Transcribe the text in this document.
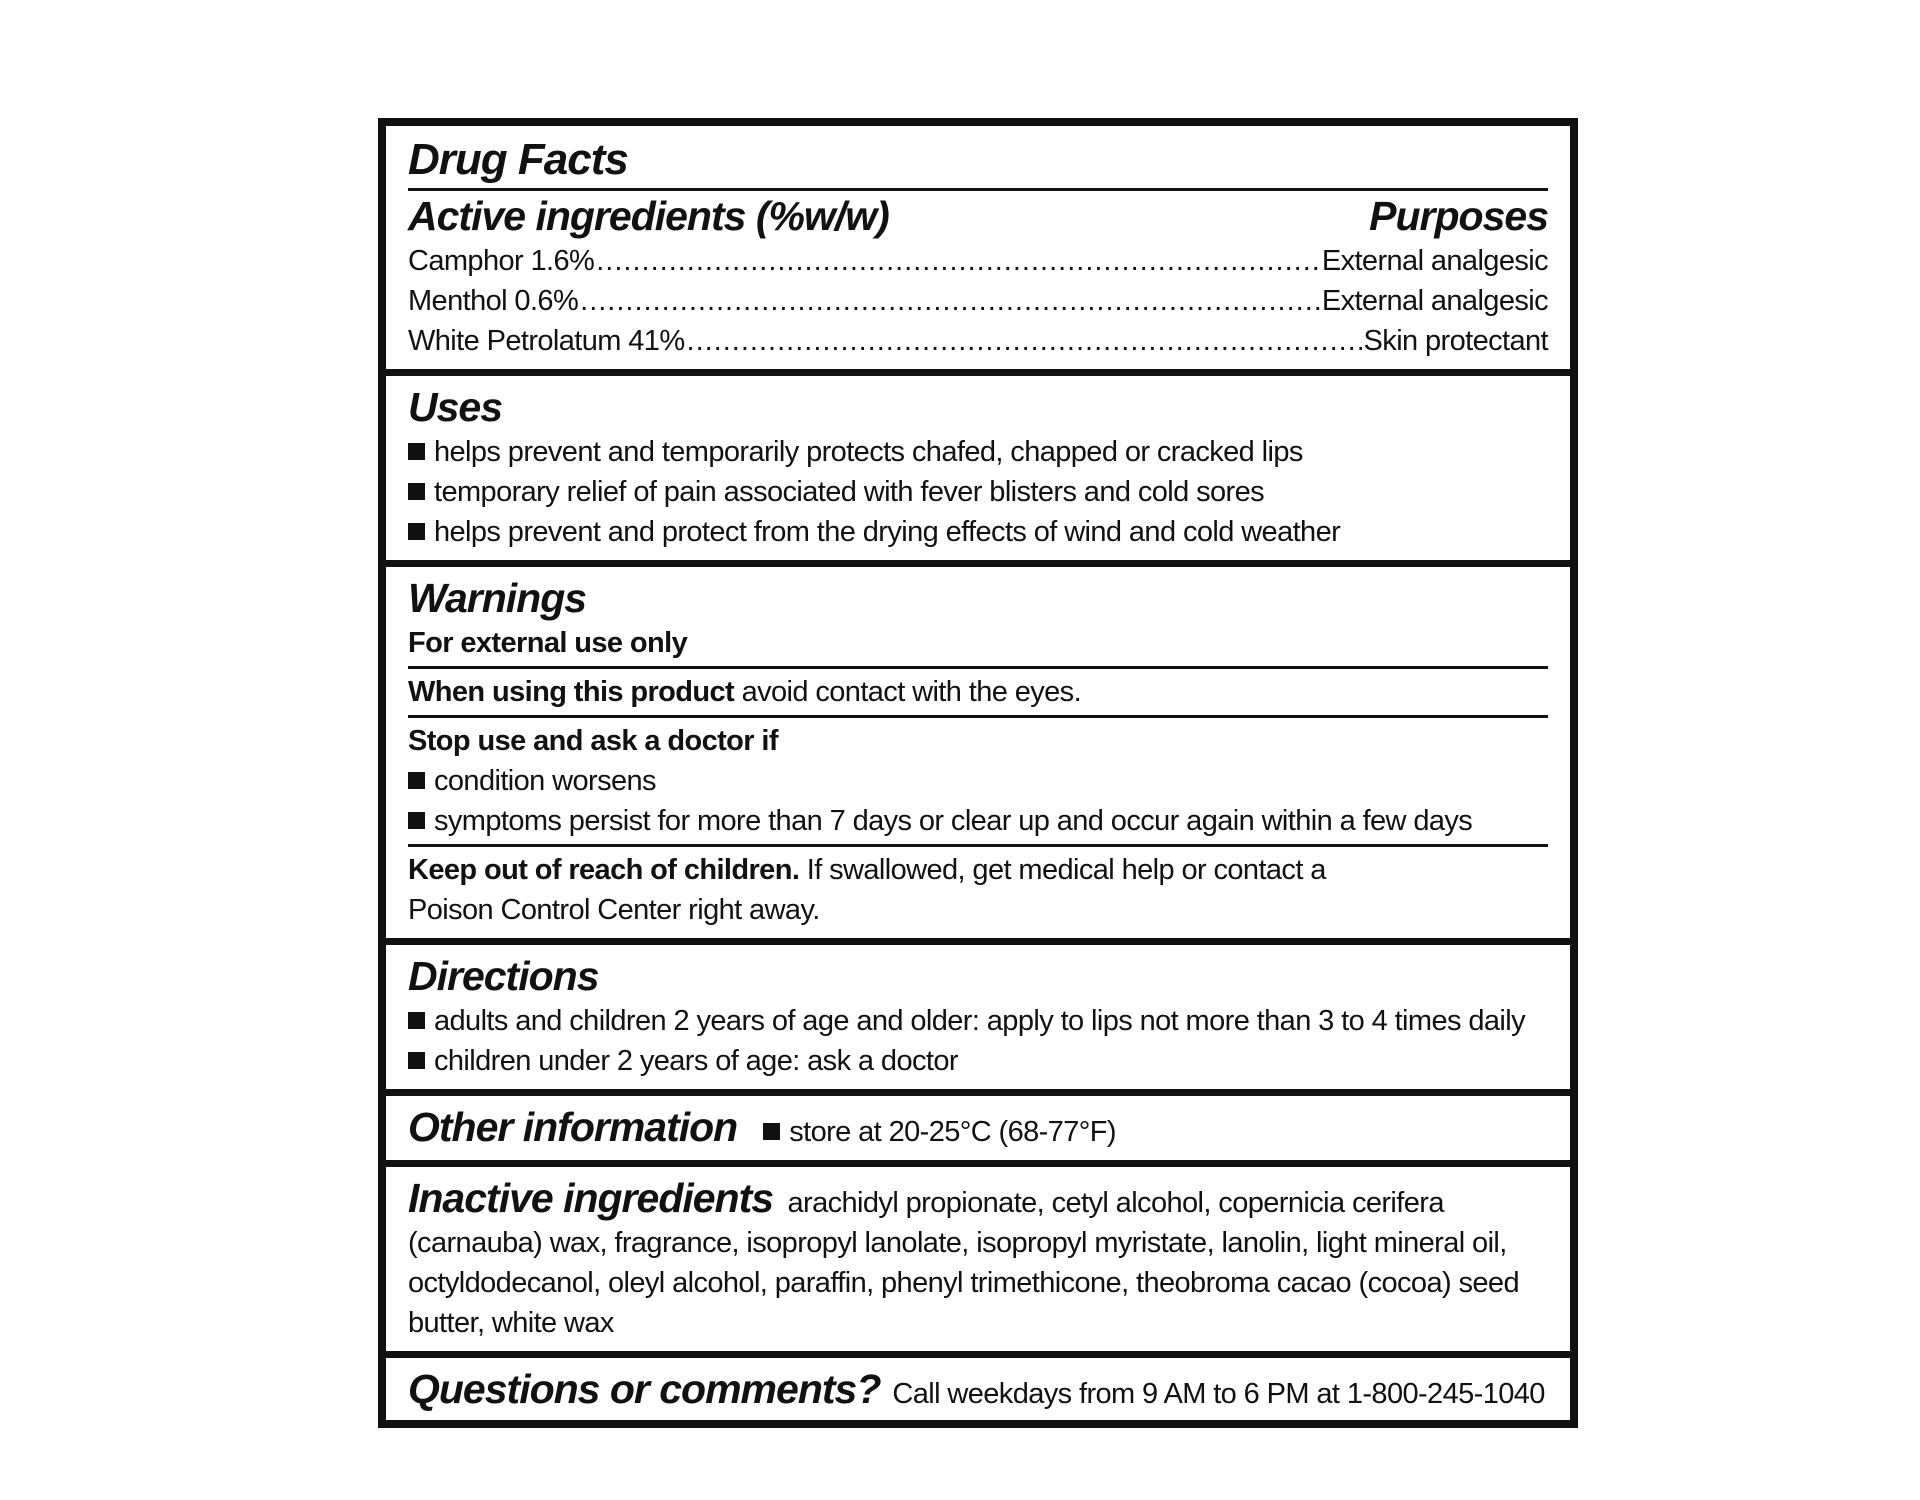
Drug Facts
Active ingredients (%w/w)	Purposes
Camphor 1.6% .....	External analgesic
Menthol 0.6% .....	External analgesic
White Petrolatum 41% .....	Skin protectant
Uses
helps prevent and temporarily protects chafed, chapped or cracked lips
temporary relief of pain associated with fever blisters and cold sores
helps prevent and protect from the drying effects of wind and cold weather
Warnings
For external use only
When using this product avoid contact with the eyes.
Stop use and ask a doctor if
condition worsens
symptoms persist for more than 7 days or clear up and occur again within a few days
Keep out of reach of children. If swallowed, get medical help or contact a
Poison Control Center right away.
Directions
adults and children 2 years of age and older: apply to lips not more than 3 to 4 times daily
children under 2 years of age: ask a doctor
Other information	store at 20-25°C (68-77°F)
Inactive ingredients arachidyl propionate, cetyl alcohol, copernicia cerifera
(carnauba) wax, fragrance, isopropyl lanolate, isopropyl myristate, lanolin, light mineral oil,
octyldodecanol, oleyl alcohol, paraffin, phenyl trimethicone, theobroma cacao (cocoa) seed
butter, white wax
Questions or comments? Call weekdays from 9 AM to 6 PM at 1-800-245-1040
